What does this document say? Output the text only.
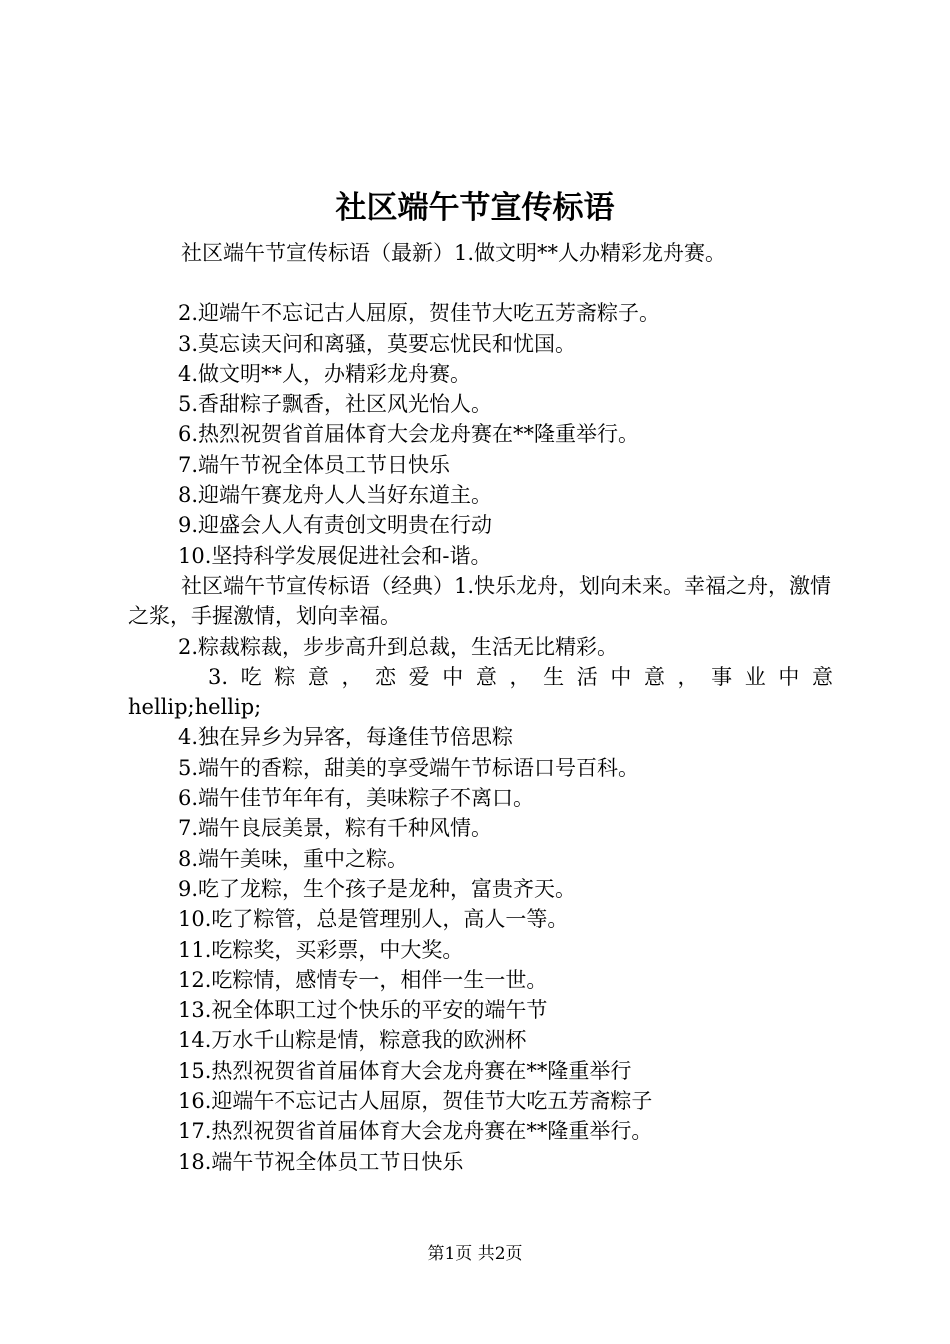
社区端午节宣传标语
社区端午节宣传标语（最新）1.做文明**人办精彩龙舟赛。
2.迎端午不忘记古人屈原，贺佳节大吃五芳斋粽子。
3.莫忘读天问和离骚，莫要忘忧民和忧国。
4.做文明**人，办精彩龙舟赛。
5.香甜粽子飘香，社区风光怡人。
6.热烈祝贺省首届体育大会龙舟赛在**隆重举行。
7.端午节祝全体员工节日快乐
8.迎端午赛龙舟人人当好东道主。
9.迎盛会人人有责创文明贵在行动
10.坚持科学发展促进社会和-谐。
社区端午节宣传标语（经典）1.快乐龙舟，划向未来。幸福之舟，激情之浆，手握激情，划向幸福。
2.粽裁粽裁，步步高升到总裁，生活无比精彩。
3.吃粽意，恋爱中意，生活中意，事业中意
hellip;hellip;
4.独在异乡为异客，每逢佳节倍思粽
5.端午的香粽，甜美的享受端午节标语口号百科。
6.端午佳节年年有，美味粽子不离口。
7.端午良辰美景，粽有千种风情。
8.端午美味，重中之粽。
9.吃了龙粽，生个孩子是龙种，富贵齐天。
10.吃了粽管，总是管理别人，高人一等。
11.吃粽奖，买彩票，中大奖。
12.吃粽情，感情专一，相伴一生一世。
13.祝全体职工过个快乐的平安的端午节
14.万水千山粽是情，粽意我的欧洲杯
15.热烈祝贺省首届体育大会龙舟赛在**隆重举行
16.迎端午不忘记古人屈原，贺佳节大吃五芳斋粽子
17.热烈祝贺省首届体育大会龙舟赛在**隆重举行。
18.端午节祝全体员工节日快乐
第1页 共2页
